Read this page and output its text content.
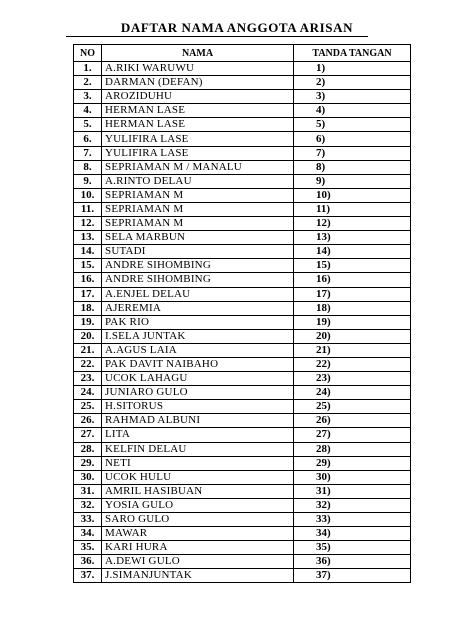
DAFTAR NAMA ANGGOTA ARISAN
NO	NAMA	TANDA TANGAN
1.	A.RIKI WARUWU	1)
2.	DARMAN (DEFAN)	2)
3.	AROZIDUHU	3)
4.	HERMAN LASE	4)
5.	HERMAN LASE	5)
6.	YULIFIRA LASE	6)
7.	YULIFIRA LASE	7)
8.	SEPRIAMAN M / MANALU	8)
9.	A.RINTO DELAU	9)
10.	SEPRIAMAN M	10)
11.	SEPRIAMAN M	11)
12.	SEPRIAMAN M	12)
13.	SELA MARBUN	13)
14.	SUTADI	14)
15.	ANDRE SIHOMBING	15)
16.	ANDRE SIHOMBING	16)
17.	A.ENJEL DELAU	17)
18.	AJEREMIA	18)
19.	PAK RIO	19)
20.	I.SELA JUNTAK	20)
21.	A.AGUS LAIA	21)
22.	PAK DAVIT NAIBAHO	22)
23.	UCOK LAHAGU	23)
24.	JUNIARO GULO	24)
25.	H.SITORUS	25)
26.	RAHMAD ALBUNI	26)
27.	LITA	27)
28.	KELFIN DELAU	28)
29.	NETI	29)
30.	UCOK HULU	30)
31.	AMRIL HASIBUAN	31)
32.	YOSIA GULO	32)
33.	SARO GULO	33)
34.	MAWAR	34)
35.	KARI HURA	35)
36.	A.DEWI GULO	36)
37.	J.SIMANJUNTAK	37)
